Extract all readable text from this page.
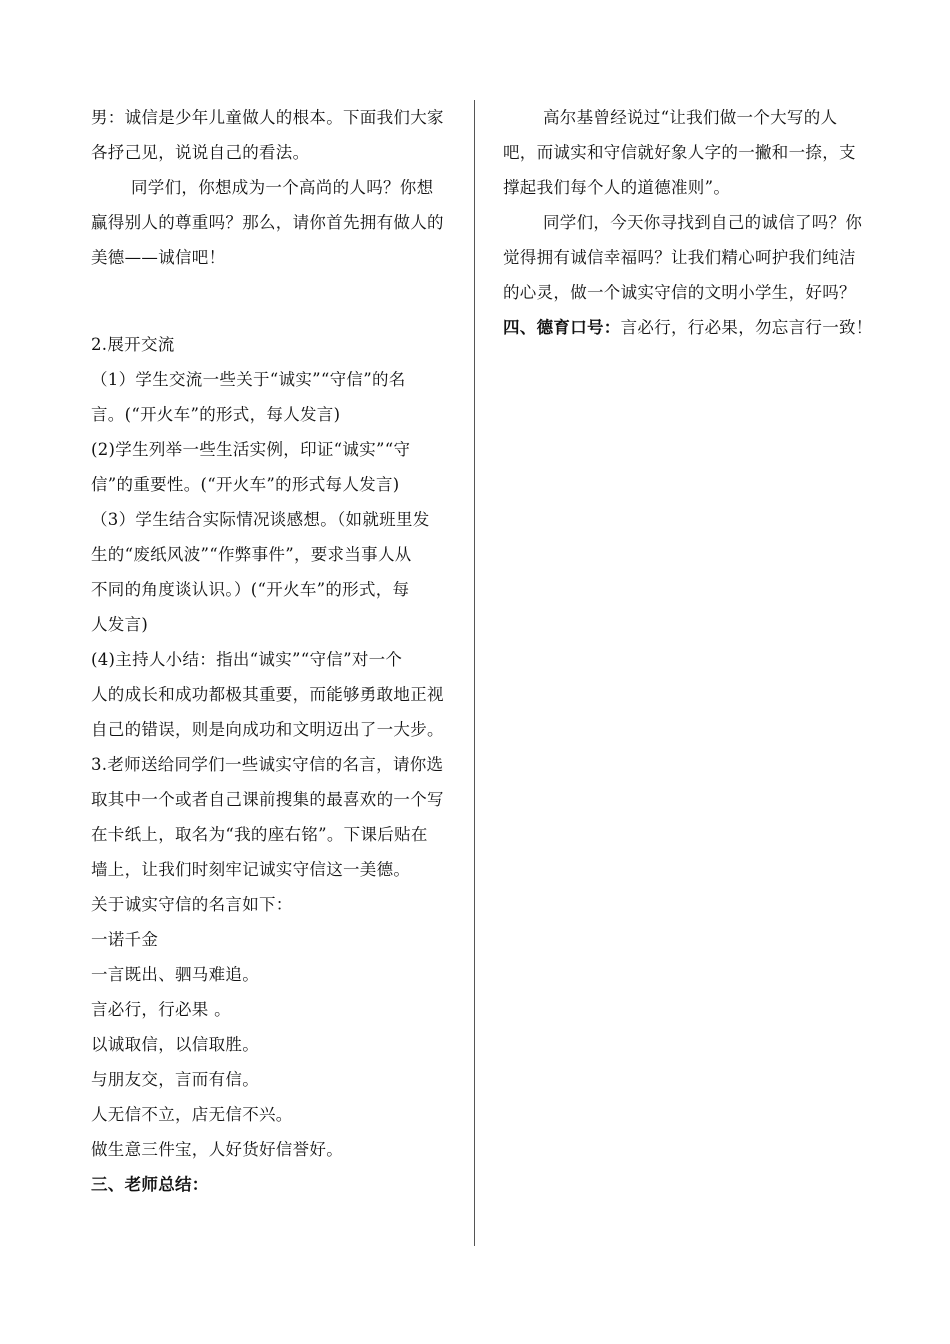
男：诚信是少年儿童做人的根本。下面我们大家
各抒己见，说说自己的看法。
同学们，你想成为一个高尚的人吗？你想
赢得别人的尊重吗？那么，请你首先拥有做人的
美德——诚信吧！
2.展开交流
（1）学生交流一些关于“诚实”“守信”的名
言。(“开火车”的形式，每人发言)
(2)学生列举一些生活实例，印证“诚实”“守
信”的重要性。(“开火车”的形式每人发言)
（3）学生结合实际情况谈感想。（如就班里发
生的“废纸风波”“作弊事件”，要求当事人从
不同的角度谈认识。）(“开火车”的形式，每
人发言)
(4)主持人小结：指出“诚实”“守信”对一个
人的成长和成功都极其重要，而能够勇敢地正视
自己的错误，则是向成功和文明迈出了一大步。
3.老师送给同学们一些诚实守信的名言，请你选
取其中一个或者自己课前搜集的最喜欢的一个写
在卡纸上，取名为“我的座右铭”。下课后贴在
墙上，让我们时刻牢记诚实守信这一美德。
关于诚实守信的名言如下：
一诺千金
一言既出、驷马难追。
言必行，行必果 。
以诚取信，以信取胜。
与朋友交，言而有信。
人无信不立，店无信不兴。
做生意三件宝，人好货好信誉好。
三、老师总结：
高尔基曾经说过“让我们做一个大写的人
吧，而诚实和守信就好象人字的一撇和一捺，支
撑起我们每个人的道德准则”。
同学们，今天你寻找到自己的诚信了吗？你
觉得拥有诚信幸福吗？让我们精心呵护我们纯洁
的心灵，做一个诚实守信的文明小学生，好吗？
四、德育口号：言必行，行必果，勿忘言行一致！
